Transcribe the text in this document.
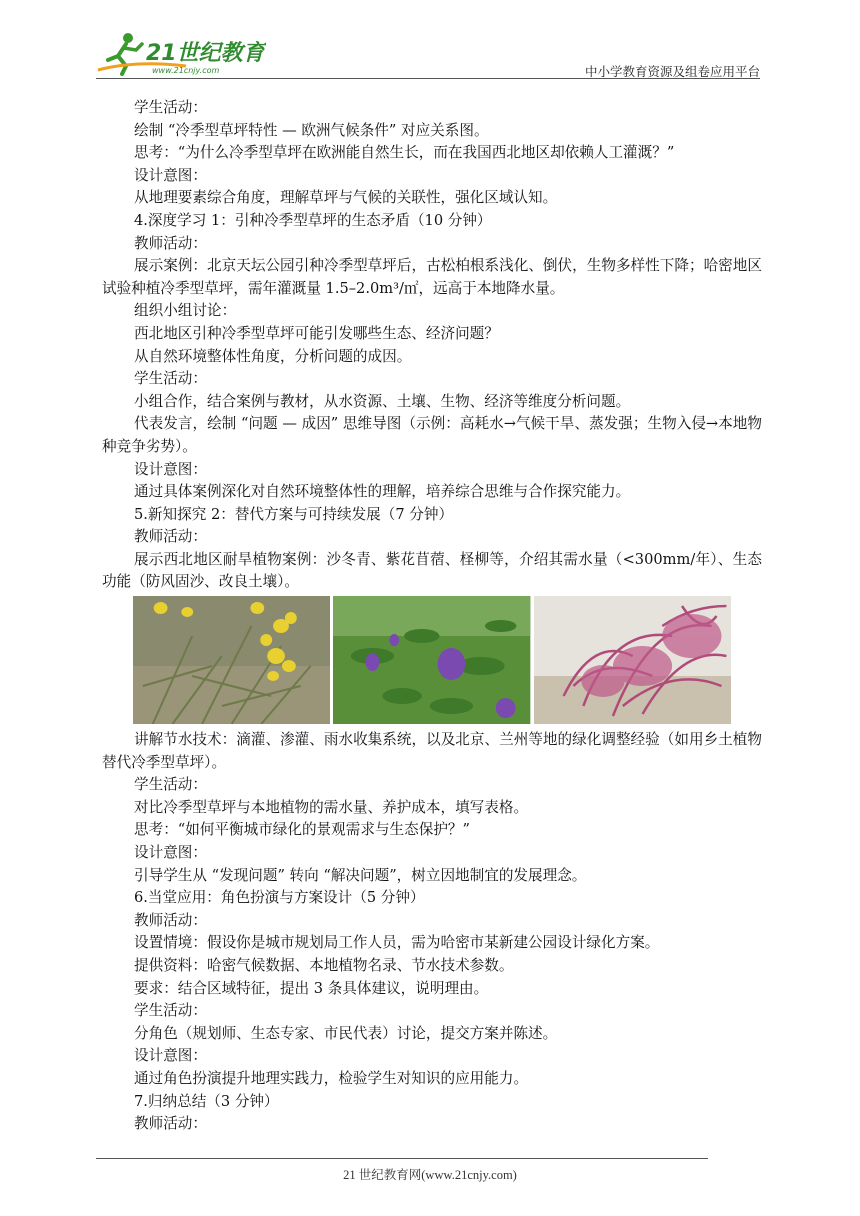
21世纪教育
www.21cnjy.com	中小学教育资源及组卷应用平台
学生活动：
绘制 “冷季型草坪特性 — 欧洲气候条件” 对应关系图。
思考：“为什么冷季型草坪在欧洲能自然生长，而在我国西北地区却依赖人工灌溉？”
设计意图：
从地理要素综合角度，理解草坪与气候的关联性，强化区域认知。
4.深度学习 1：引种冷季型草坪的生态矛盾（10 分钟）
教师活动：
展示案例：北京天坛公园引种冷季型草坪后，古松柏根系浅化、倒伏，生物多样性下降；哈密地区试验种植冷季型草坪，需年灌溉量 1.5–2.0m³/㎡，远高于本地降水量。
组织小组讨论：
西北地区引种冷季型草坪可能引发哪些生态、经济问题？
从自然环境整体性角度，分析问题的成因。
学生活动：
小组合作，结合案例与教材，从水资源、土壤、生物、经济等维度分析问题。
代表发言，绘制 “问题 — 成因” 思维导图（示例：高耗水→气候干旱、蒸发强；生物入侵→本地物种竞争劣势）。
设计意图：
通过具体案例深化对自然环境整体性的理解，培养综合思维与合作探究能力。
5.新知探究 2：替代方案与可持续发展（7 分钟）
教师活动：
展示西北地区耐旱植物案例：沙冬青、紫花苜蓿、柽柳等，介绍其需水量（<300mm/年）、生态功能（防风固沙、改良土壤）。
讲解节水技术：滴灌、渗灌、雨水收集系统，以及北京、兰州等地的绿化调整经验（如用乡土植物替代冷季型草坪）。
学生活动：
对比冷季型草坪与本地植物的需水量、养护成本，填写表格。
思考：“如何平衡城市绿化的景观需求与生态保护？”
设计意图：
引导学生从 “发现问题” 转向 “解决问题”，树立因地制宜的发展理念。
6.当堂应用：角色扮演与方案设计（5 分钟）
教师活动：
设置情境：假设你是城市规划局工作人员，需为哈密市某新建公园设计绿化方案。
提供资料：哈密气候数据、本地植物名录、节水技术参数。
要求：结合区域特征，提出 3 条具体建议，说明理由。
学生活动：
分角色（规划师、生态专家、市民代表）讨论，提交方案并陈述。
设计意图：
通过角色扮演提升地理实践力，检验学生对知识的应用能力。
7.归纳总结（3 分钟）
教师活动：
21 世纪教育网(www.21cnjy.com)
